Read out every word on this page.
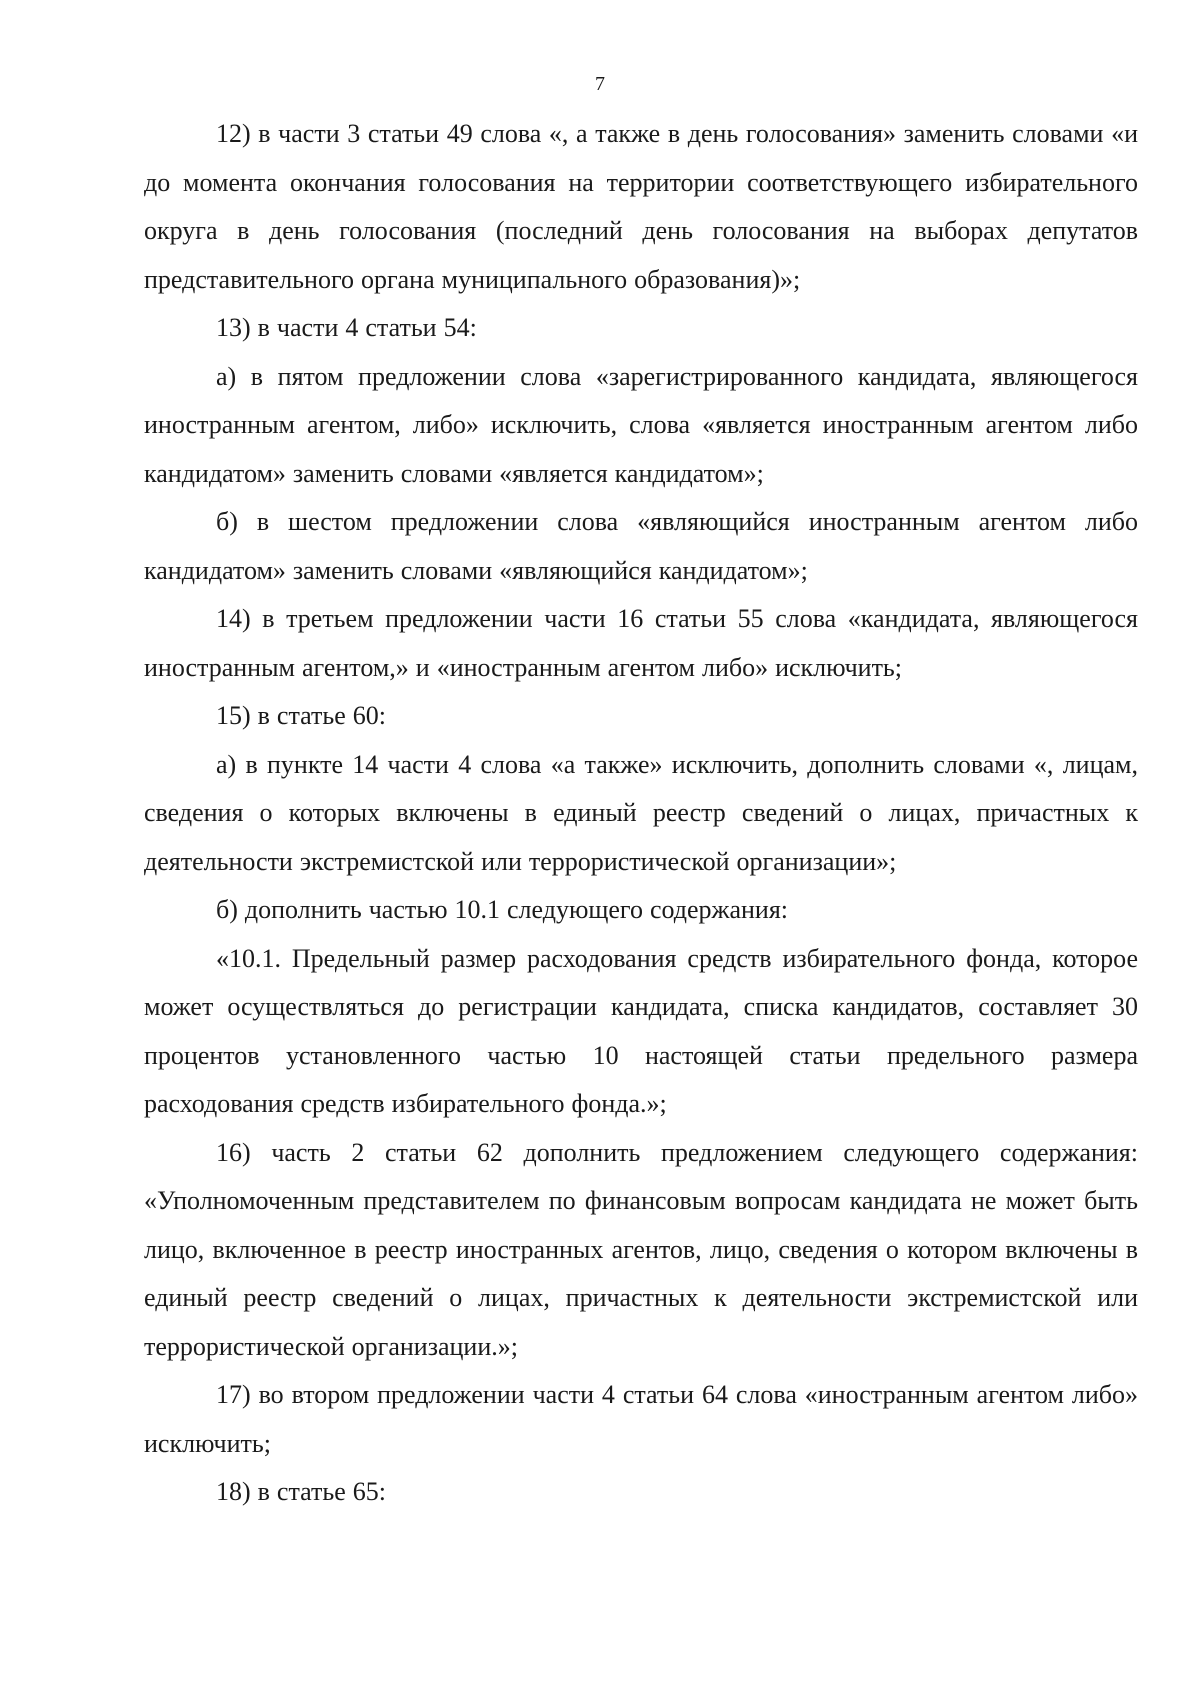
7

12) в части 3 статьи 49 слова «, а также в день голосования» заменить словами «и до момента окончания голосования на территории соответствующего избирательного округа в день голосования (последний день голосования на выборах депутатов представительного органа муниципального образования)»;

13) в части 4 статьи 54:

а) в пятом предложении слова «зарегистрированного кандидата, являющегося иностранным агентом, либо» исключить, слова «является иностранным агентом либо кандидатом» заменить словами «является кандидатом»;

б) в шестом предложении слова «являющийся иностранным агентом либо кандидатом» заменить словами «являющийся кандидатом»;

14) в третьем предложении части 16 статьи 55 слова «кандидата, являющегося иностранным агентом,» и «иностранным агентом либо» исключить;

15) в статье 60:

а) в пункте 14 части 4 слова «а также» исключить, дополнить словами «, лицам, сведения о которых включены в единый реестр сведений о лицах, причастных к деятельности экстремистской или террористической организации»;

б) дополнить частью 10.1 следующего содержания:

«10.1. Предельный размер расходования средств избирательного фонда, которое может осуществляться до регистрации кандидата, списка кандидатов, составляет 30 процентов установленного частью 10 настоящей статьи предельного размера расходования средств избирательного фонда.»;

16) часть 2 статьи 62 дополнить предложением следующего содержания: «Уполномоченным представителем по финансовым вопросам кандидата не может быть лицо, включенное в реестр иностранных агентов, лицо, сведения о котором включены в единый реестр сведений о лицах, причастных к деятельности экстремистской или террористической организации.»;

17) во втором предложении части 4 статьи 64 слова «иностранным агентом либо» исключить;

18) в статье 65:
